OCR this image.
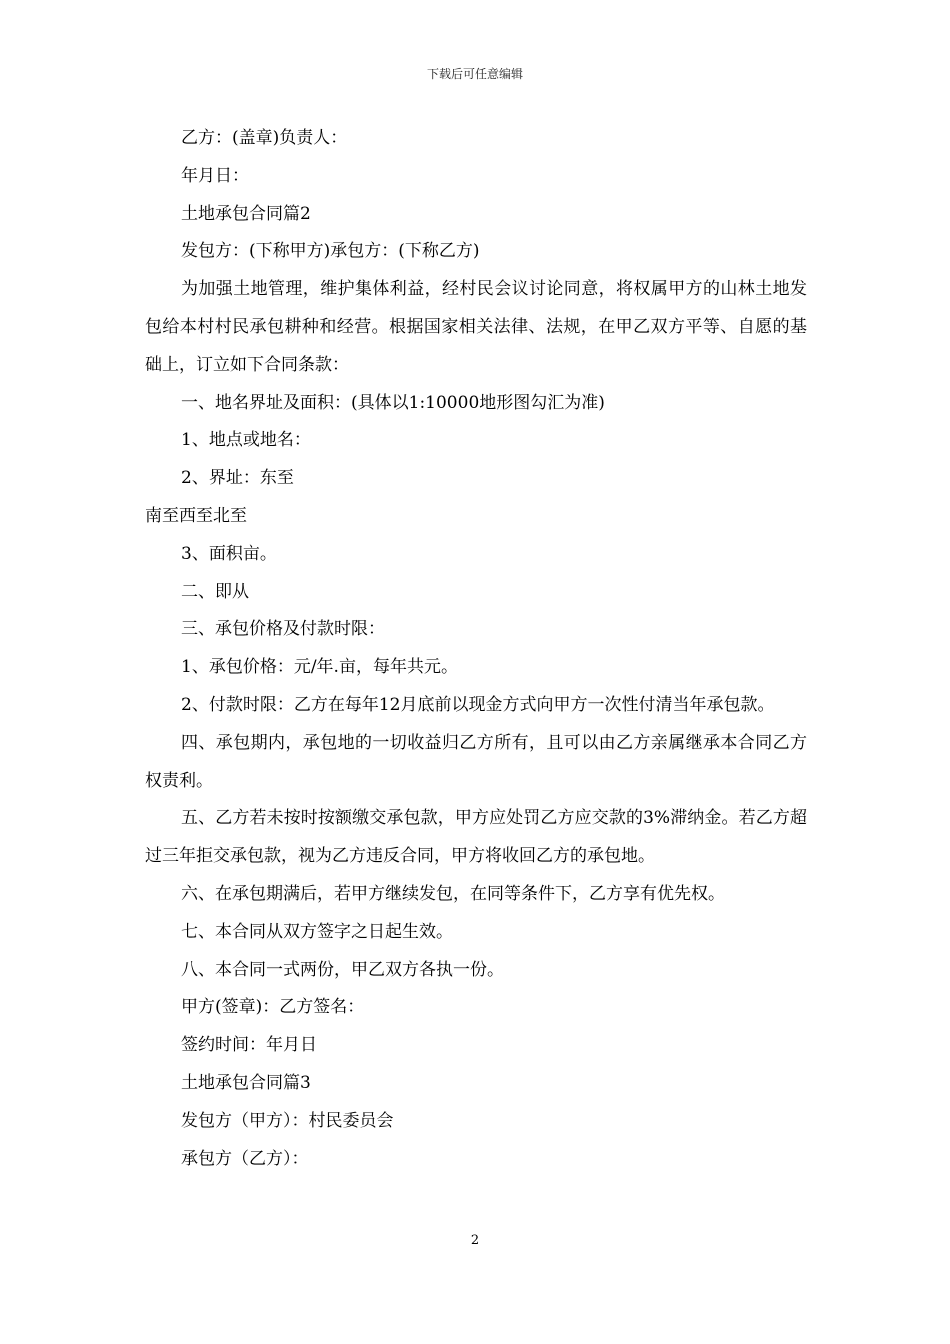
下载后可任意编辑

乙方：(盖章)负责人：

年月日：

土地承包合同篇2

发包方：(下称甲方)承包方：(下称乙方)

为加强土地管理，维护集体利益，经村民会议讨论同意，将权属甲方的山林土地发包给本村村民承包耕种和经营。根据国家相关法律、法规，在甲乙双方平等、自愿的基础上，订立如下合同条款：

一、地名界址及面积：(具体以1:10000地形图勾汇为准)

1、地点或地名：

2、界址：东至

南至西至北至

3、面积亩。

二、即从

三、承包价格及付款时限：

1、承包价格：元/年.亩，每年共元。

2、付款时限：乙方在每年12月底前以现金方式向甲方一次性付清当年承包款。

四、承包期内，承包地的一切收益归乙方所有，且可以由乙方亲属继承本合同乙方权责利。

五、乙方若未按时按额缴交承包款，甲方应处罚乙方应交款的3%滞纳金。若乙方超过三年拒交承包款，视为乙方违反合同，甲方将收回乙方的承包地。

六、在承包期满后，若甲方继续发包，在同等条件下，乙方享有优先权。

七、本合同从双方签字之日起生效。

八、本合同一式两份，甲乙双方各执一份。

甲方(签章)：乙方签名：

签约时间：年月日

土地承包合同篇3

发包方（甲方）：村民委员会

承包方（乙方）：

2
